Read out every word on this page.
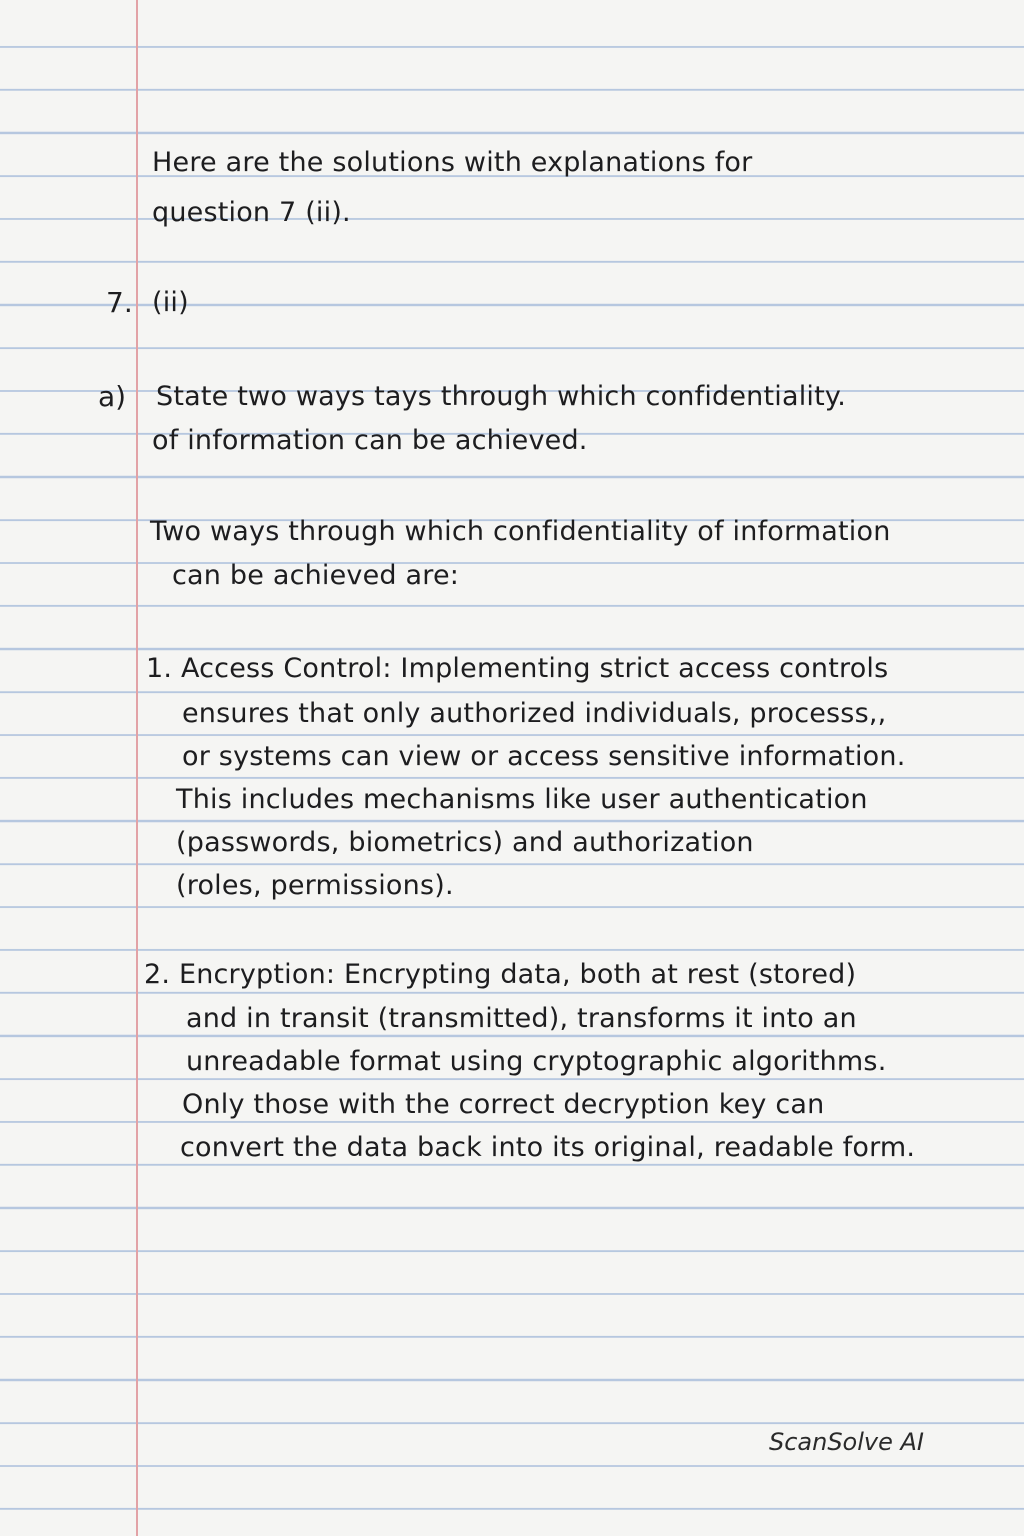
Here are the solutions with explanations for
question 7 (ii).
7. (ii)
a) State two ways tays through which confidentiality.
of information can be achieved.
Two ways through which confidentiality of information
can be achieved are:
1. Access Control: Implementing strict access controls
ensures that only authorized individuals, processs,,
or systems can view or access sensitive information.
This includes mechanisms like user authentication
(passwords, biometrics) and authorization
(roles, permissions).
2. Encryption: Encrypting data, both at rest (stored)
and in transit (transmitted), transforms it into an
unreadable format using cryptographic algorithms.
Only those with the correct decryption key can
convert the data back into its original, readable form.
ScanSolve AI
